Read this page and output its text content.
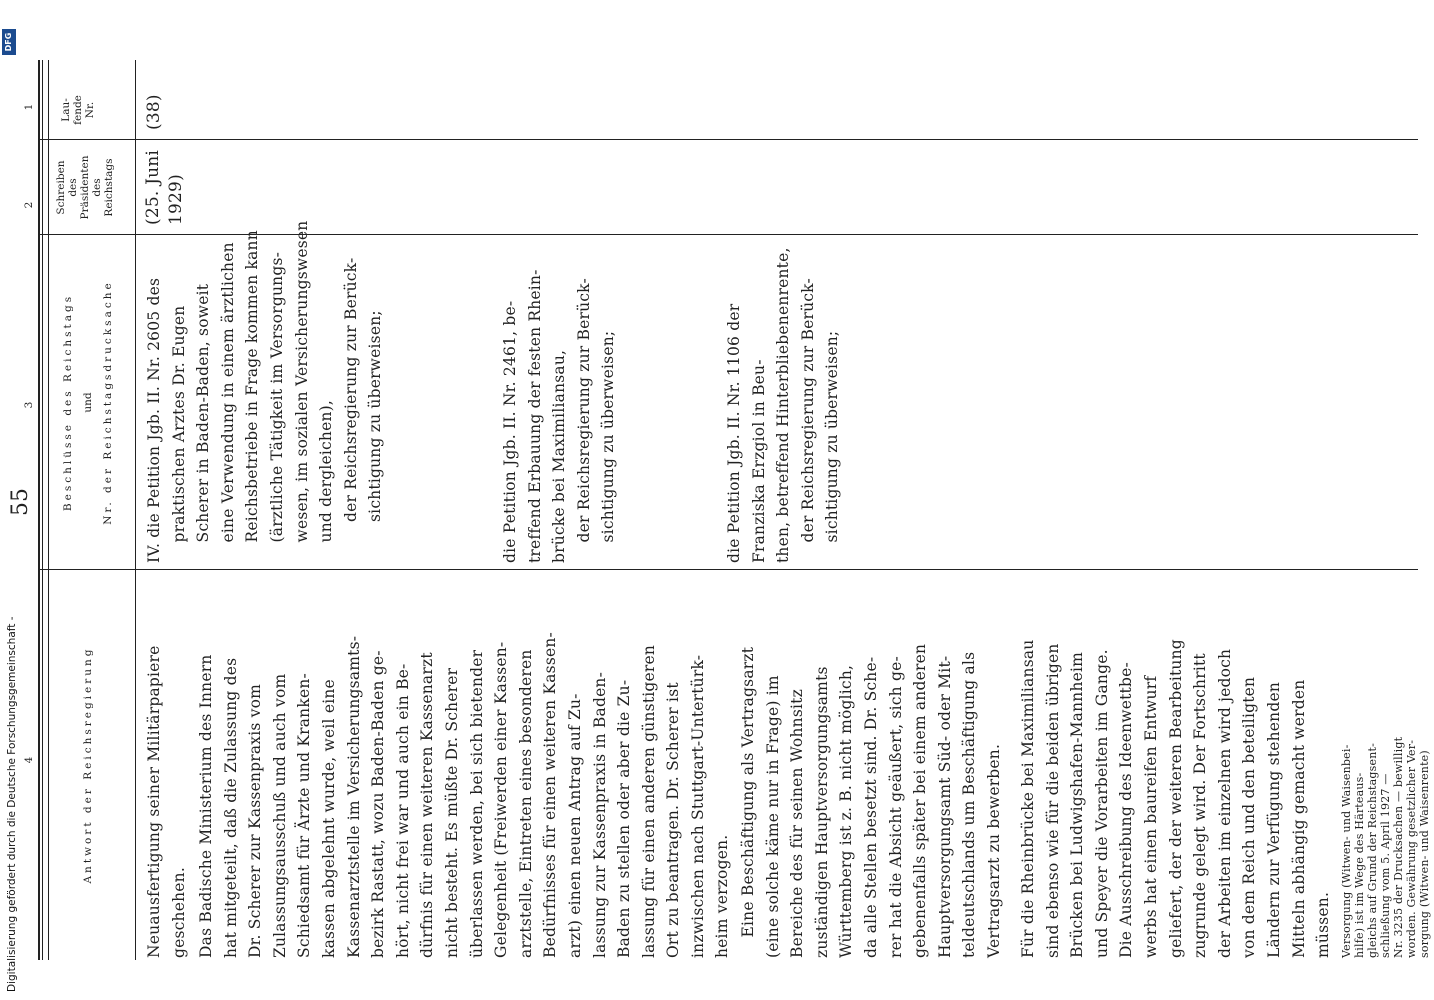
55
1
2
3
4
Lau-
fende
Nr.
Schreiben
des
Präsidenten
des
Reichstags
Beschlüsse des Reichstags und Nr. der Reichstagsdrucksache
Antwort der Reichsregierung
(38)
(25. Juni
1929)
IV. die Petition Jgb. II. Nr. 2605 des
praktischen Arztes Dr. Eugen
Scherer in Baden-Baden, soweit
eine Verwendung in einem ärztlichen
Reichsbetriebe in Frage kommen kann
(ärztliche Tätigkeit im Versorgungs-
wesen, im sozialen Versicherungswesen
und dergleichen),
der Reichsregierung zur Berück-
sichtigung zu überweisen;
die Petition Jgb. II. Nr. 2461, be-
treffend Erbauung der festen Rhein-
brücke bei Maximiliansau,
der Reichsregierung zur Berück-
sichtigung zu überweisen;
die Petition Jgb. II. Nr. 1106 der
Franziska Erzgiol in Beu-
then, betreffend Hinterbliebenenrente,
der Reichsregierung zur Berück-
sichtigung zu überweisen;
Neuausfertigung seiner Militärpapiere
geschehen. Das Badische Ministerium des Innern
hat mitgeteilt, daß die Zulassung des
Dr. Scherer zur Kassenpraxis vom
Zulassungsausschuß und auch vom
Schiedsamt für Ärzte und Kranken-
kassen abgelehnt wurde, weil eine
Kassenarztstelle im Versicherungsamts-
bezirk Rastatt, wozu Baden-Baden ge-
hört, nicht frei war und auch ein Be-
dürfnis für einen weiteren Kassenarzt
nicht besteht. Es müßte Dr. Scherer
überlassen werden, bei sich bietender
Gelegenheit (Freiwerden einer Kassen-
arztstelle, Eintreten eines besonderen
Bedürfnisses für einen weiteren Kassen-
arzt) einen neuen Antrag auf Zu-
lassung zur Kassenpraxis in Baden-
Baden zu stellen oder aber die Zu-
lassung für einen anderen günstigeren
Ort zu beantragen. Dr. Scherer ist
inzwischen nach Stuttgart-Untertürk-
heim verzogen.
Eine Beschäftigung als Vertragsarzt
(eine solche käme nur in Frage) im
Bereiche des für seinen Wohnsitz
zuständigen Hauptversorgungsamts
Württemberg ist z. B. nicht möglich,
da alle Stellen besetzt sind. Dr. Sche-
rer hat die Absicht geäußert, sich ge-
gebenenfalls später bei einem anderen
Hauptversorgungsamt Süd- oder Mit-
teldeutschlands um Beschäftigung als
Vertragsarzt zu bewerben.
Für die Rheinbrücke bei Maximiliansau
sind ebenso wie für die beiden übrigen
Brücken bei Ludwigshafen-Mannheim
und Speyer die Vorarbeiten im Gange.
Die Ausschreibung des Ideenwettbe-
werbs hat einen baureifen Entwurf
geliefert, der der weiteren Bearbeitung
zugrunde gelegt wird. Der Fortschritt
der Arbeiten im einzelnen wird jedoch
von dem Reich und den beteiligten
Ländern zur Verfügung stehenden
Mitteln abhängig gemacht werden
müssen. Versorgung (Witwen- und Waisenbei-
hilfe) ist im Wege des Härteaus-
gleichs auf Grund der Reichstagsent-
schließung vom 5. April 1927 —
Nr. 3235 der Drucksachen — bewilligt
worden. Gewährung gesetzlicher Ver-
sorgung (Witwen- und Waisenrente)
Digitalisierung gefördert durch die Deutsche Forschungsgemeinschaft -
DFG
